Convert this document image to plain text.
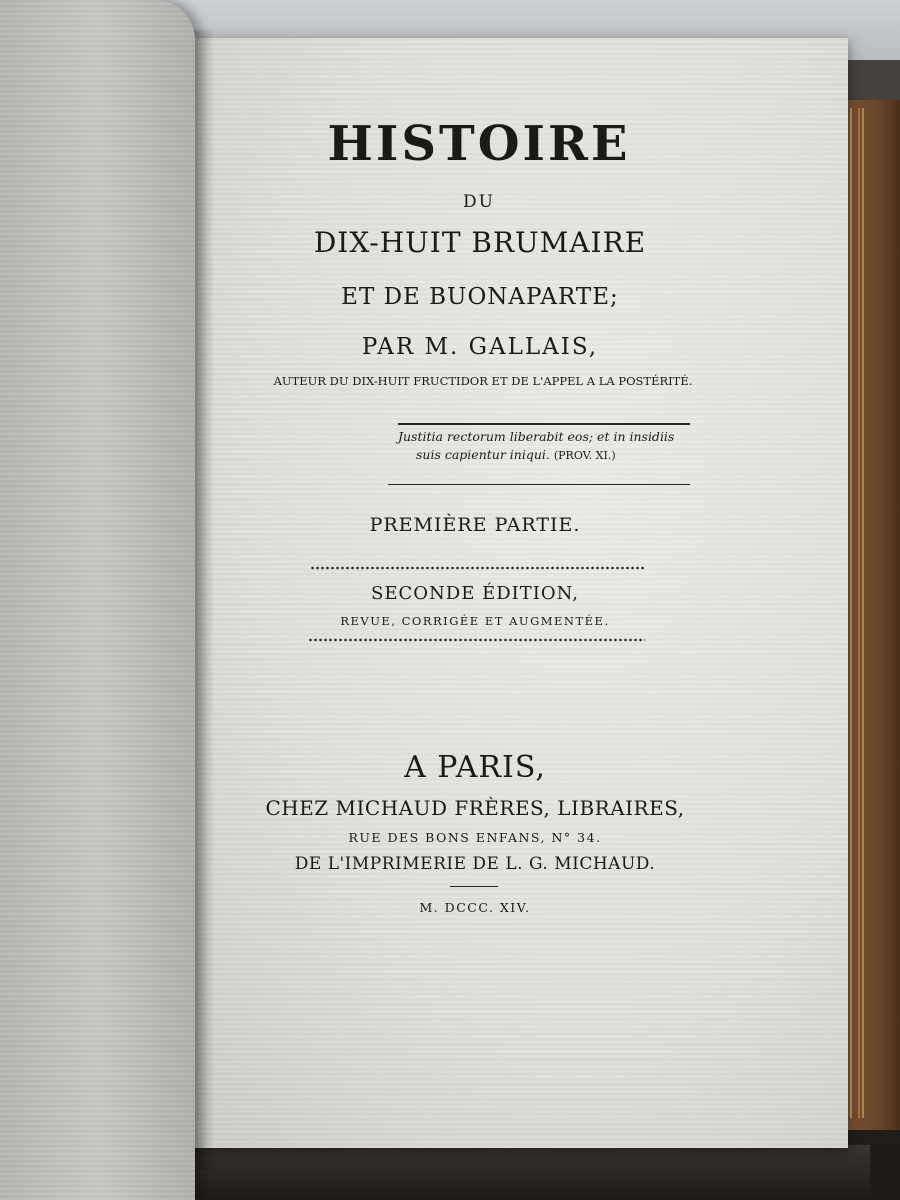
HISTOIRE
DU
DIX-HUIT BRUMAIRE
ET DE BUONAPARTE;
PAR M. GALLAIS,
AUTEUR DU DIX-HUIT FRUCTIDOR ET DE L'APPEL A LA POSTÉRITÉ.
Justitia rectorum liberabit eos; et in insidiis
suis capientur iniqui. (PROV. XI.)
PREMIÈRE PARTIE.
SECONDE ÉDITION,
REVUE, CORRIGÉE ET AUGMENTÉE.
A PARIS,
CHEZ MICHAUD FRÈRES, LIBRAIRES,
RUE DES BONS ENFANS, N° 34.
DE L'IMPRIMERIE DE L. G. MICHAUD.
M. DCCC. XIV.
